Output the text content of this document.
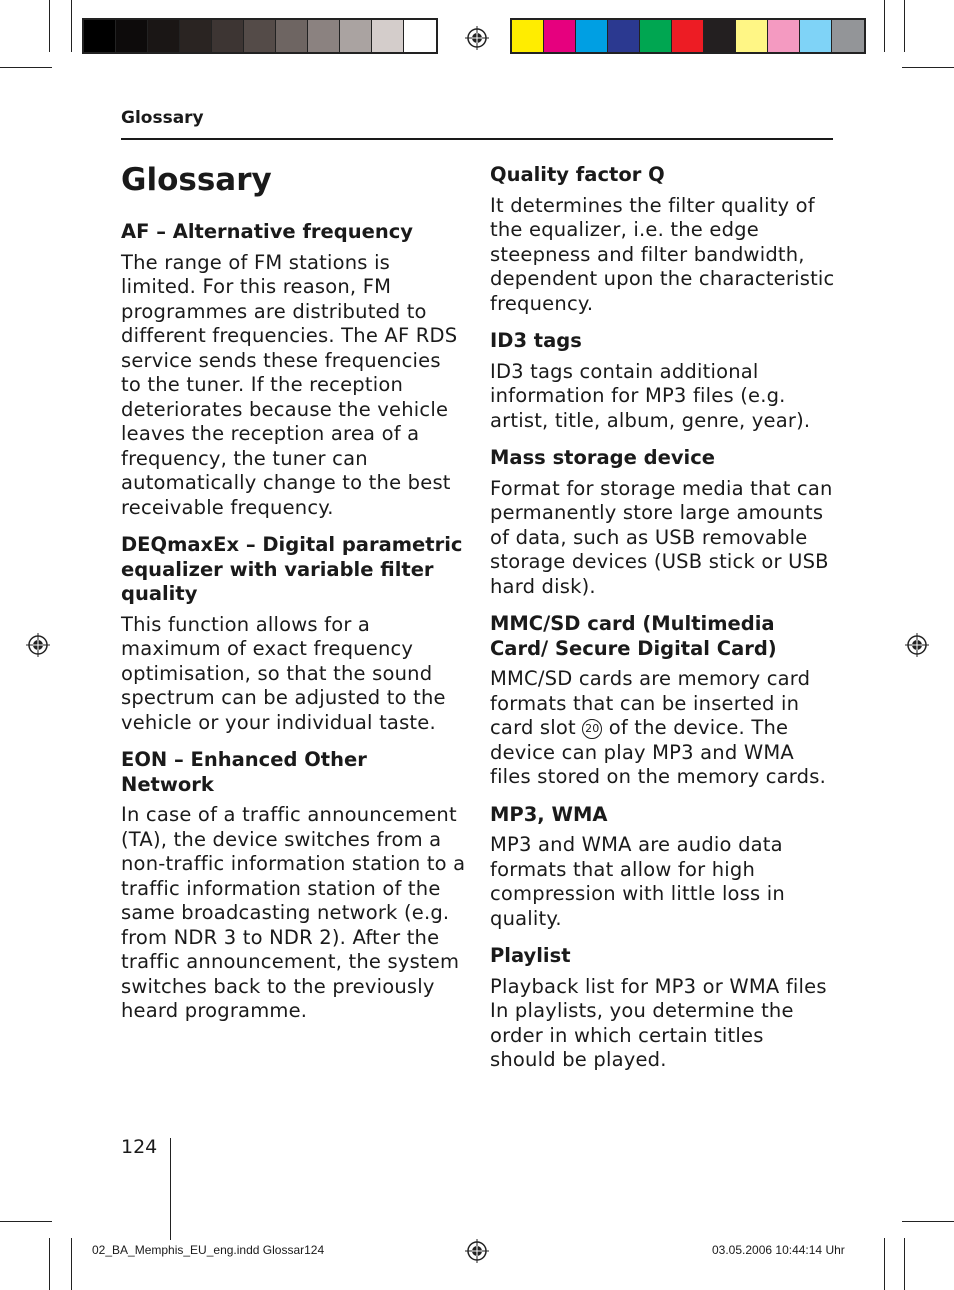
Glossary
Glossary
AF – Alternative frequency
The range of FM stations is limited. For this reason, FM programmes are distributed to different frequencies. The AF RDS service sends these frequencies to the tuner. If the reception deteriorates because the vehicle leaves the reception area of a frequency, the tuner can automatically change to the best receivable frequency.
DEQmaxEx – Digital parametric equalizer with variable filter quality
This function allows for a maximum of exact frequency optimisation, so that the sound spectrum can be adjusted to the vehicle or your individual taste.
EON – Enhanced Other Network
In case of a traffic announcement (TA), the device switches from a non-traffic information station to a traffic information station of the same broadcasting network (e.g. from NDR 3 to NDR 2). After the traffic announcement, the system switches back to the previously heard programme.
Quality factor Q
It determines the filter quality of the equalizer, i.e. the edge steepness and filter bandwidth, dependent upon the characteristic frequency.
ID3 tags
ID3 tags contain additional information for MP3 files (e.g. artist, title, album, genre, year).
Mass storage device
Format for storage media that can permanently store large amounts of data, such as USB removable storage devices (USB stick or USB hard disk).
MMC/SD card (Multimedia Card/ Secure Digital Card)
MMC/SD cards are memory card formats that can be inserted in card slot 20 of the device. The device can play MP3 and WMA files stored on the memory cards.
MP3, WMA
MP3 and WMA are audio data formats that allow for high compression with little loss in quality.
Playlist
Playback list for MP3 or WMA files In playlists, you determine the order in which certain titles should be played.
124
02_BA_Memphis_EU_eng.indd Glossar124	03.05.2006 10:44:14 Uhr
